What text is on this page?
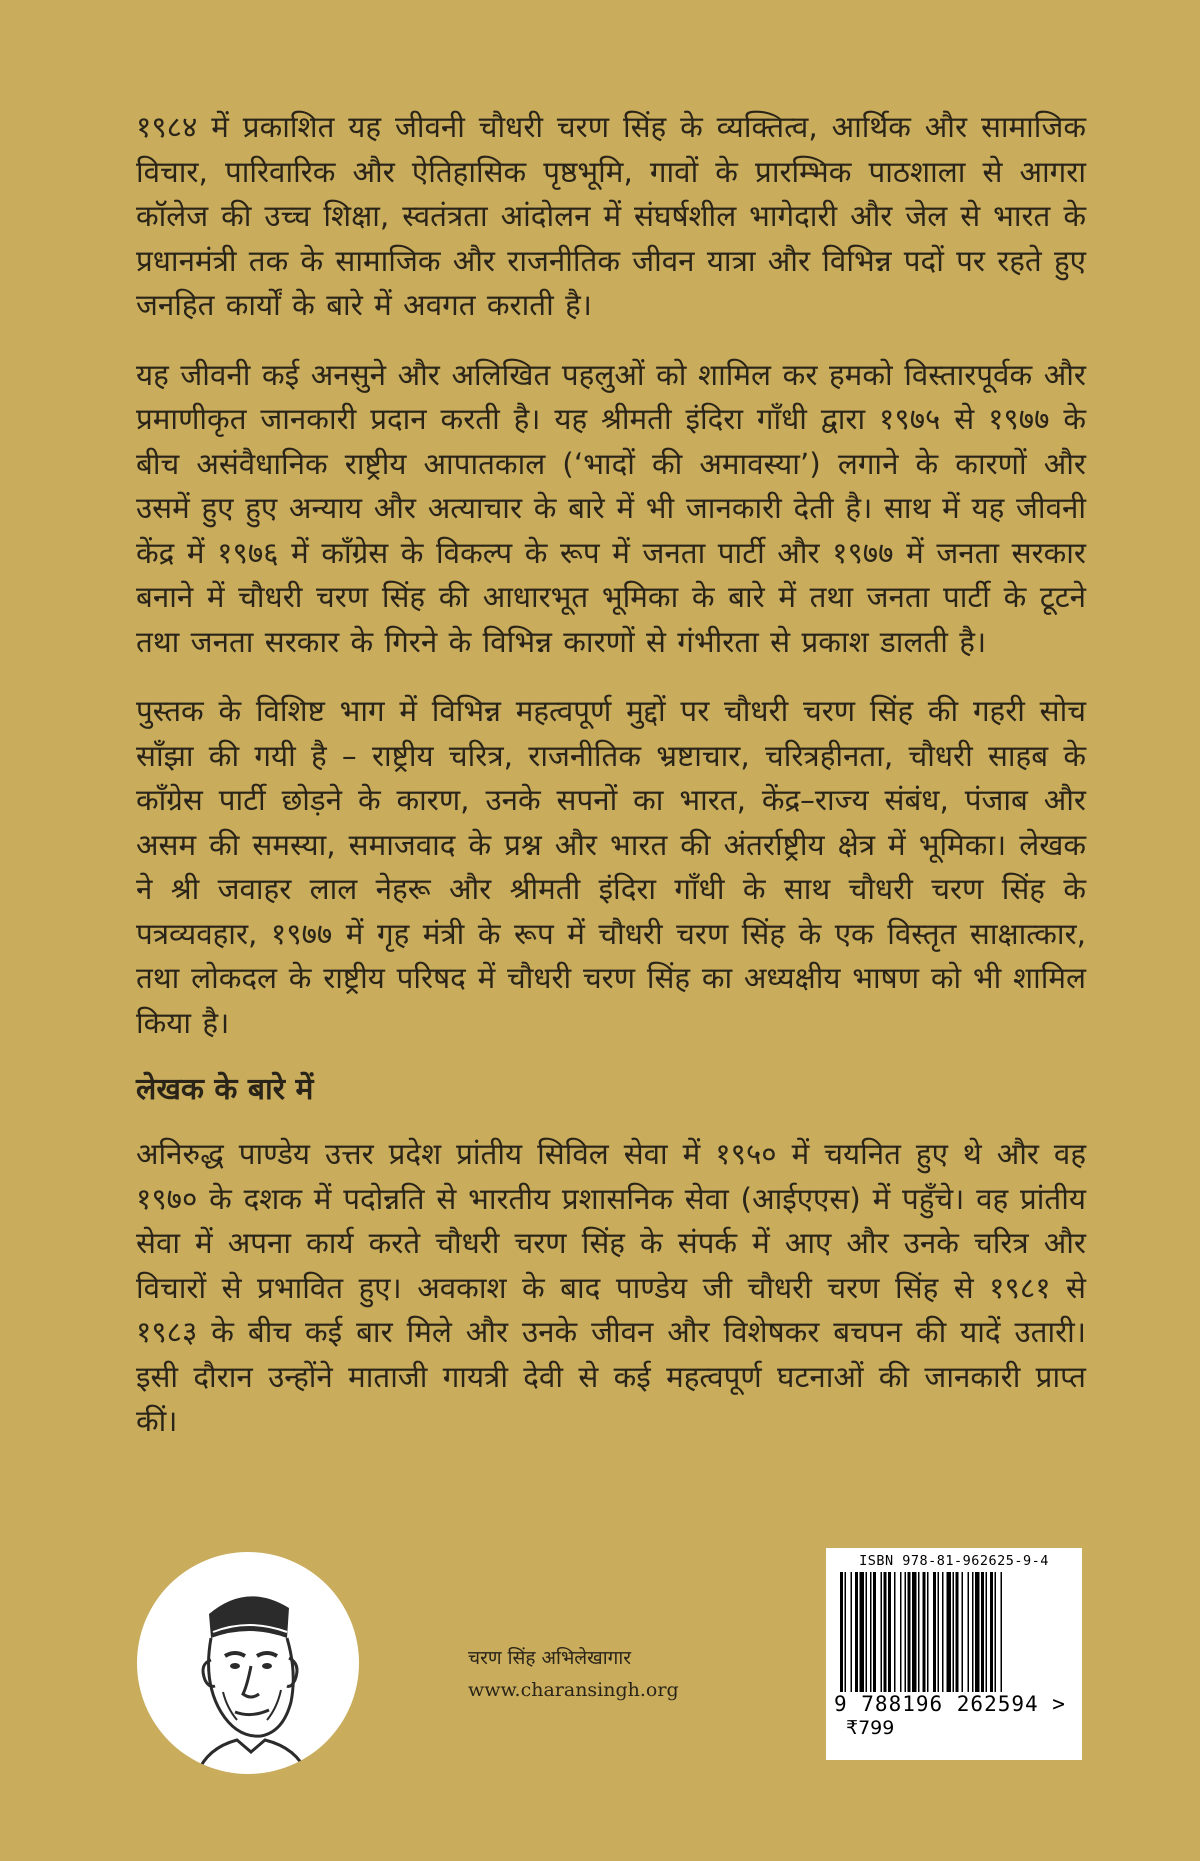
१९८४ में प्रकाशित यह जीवनी चौधरी चरण सिंह के व्यक्तित्व, आर्थिक और सामाजिक विचार, पारिवारिक और ऐतिहासिक पृष्ठभूमि, गावों के प्रारम्भिक पाठशाला से आगरा कॉलेज की उच्च शिक्षा, स्वतंत्रता आंदोलन में संघर्षशील भागेदारी और जेल से भारत के प्रधानमंत्री तक के सामाजिक और राजनीतिक जीवन यात्रा और विभिन्न पदों पर रहते हुए जनहित कार्यों के बारे में अवगत कराती है।

यह जीवनी कई अनसुने और अलिखित पहलुओं को शामिल कर हमको विस्तारपूर्वक और प्रमाणीकृत जानकारी प्रदान करती है। यह श्रीमती इंदिरा गाँधी द्वारा १९७५ से १९७७ के बीच असंवैधानिक राष्ट्रीय आपातकाल (‘भादों की अमावस्या’) लगाने के कारणों और उसमें हुए हुए अन्याय और अत्याचार के बारे में भी जानकारी देती है। साथ में यह जीवनी केंद्र में १९७६ में कॉंग्रेस के विकल्प के रूप में जनता पार्टी और १९७७ में जनता सरकार बनाने में चौधरी चरण सिंह की आधारभूत भूमिका के बारे में तथा जनता पार्टी के टूटने तथा जनता सरकार के गिरने के विभिन्न कारणों से गंभीरता से प्रकाश डालती है।

पुस्तक के विशिष्ट भाग में विभिन्न महत्वपूर्ण मुद्दों पर चौधरी चरण सिंह की गहरी सोच साँझा की गयी है – राष्ट्रीय चरित्र, राजनीतिक भ्रष्टाचार, चरित्रहीनता, चौधरी साहब के कॉंग्रेस पार्टी छोड़ने के कारण, उनके सपनों का भारत, केंद्र–राज्य संबंध, पंजाब और असम की समस्या, समाजवाद के प्रश्न और भारत की अंतर्राष्ट्रीय क्षेत्र में भूमिका। लेखक ने श्री जवाहर लाल नेहरू और श्रीमती इंदिरा गाँधी के साथ चौधरी चरण सिंह के पत्रव्यवहार, १९७७ में गृह मंत्री के रूप में चौधरी चरण सिंह के एक विस्तृत साक्षात्कार, तथा लोकदल के राष्ट्रीय परिषद में चौधरी चरण सिंह का अध्यक्षीय भाषण को भी शामिल किया है।

लेखक के बारे में

अनिरुद्ध पाण्डेय उत्तर प्रदेश प्रांतीय सिविल सेवा में १९५० में चयनित हुए थे और वह १९७० के दशक में पदोन्नति से भारतीय प्रशासनिक सेवा (आईएएस) में पहुँचे। वह प्रांतीय सेवा में अपना कार्य करते चौधरी चरण सिंह के संपर्क में आए और उनके चरित्र और विचारों से प्रभावित हुए। अवकाश के बाद पाण्डेय जी चौधरी चरण सिंह से १९८१ से १९८३ के बीच कई बार मिले और उनके जीवन और विशेषकर बचपन की यादें उतारी। इसी दौरान उन्होंने माताजी गायत्री देवी से कई महत्वपूर्ण घटनाओं की जानकारी प्राप्त कीं।

चरण सिंह अभिलेखागार
www.charansingh.org
ISBN 978-81-962625-9-4
9 788196 262594 >
₹799
